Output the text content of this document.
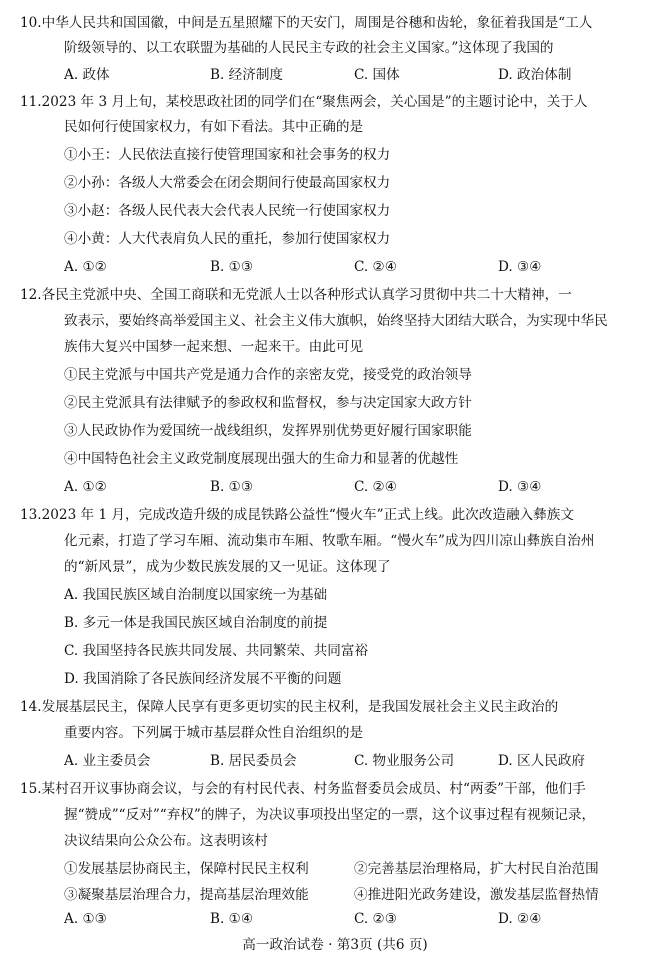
10.中华人民共和国国徽，中间是五星照耀下的天安门，周围是谷穗和齿轮，象征着我国是“工人
阶级领导的、以工农联盟为基础的人民民主专政的社会主义国家。”这体现了我国的
A. 政体	B. 经济制度	C. 国体	D. 政治体制
11.2023 年 3 月上旬，某校思政社团的同学们在“聚焦两会，关心国是”的主题讨论中，关于人
民如何行使国家权力，有如下看法。其中正确的是
①小王：人民依法直接行使管理国家和社会事务的权力
②小孙：各级人大常委会在闭会期间行使最高国家权力
③小赵：各级人民代表大会代表人民统一行使国家权力
④小黄：人大代表肩负人民的重托，参加行使国家权力
A. ①②	B. ①③	C. ②④	D. ③④
12.各民主党派中央、全国工商联和无党派人士以各种形式认真学习贯彻中共二十大精神，一
致表示，要始终高举爱国主义、社会主义伟大旗帜，始终坚持大团结大联合，为实现中华民
族伟大复兴中国梦一起来想、一起来干。由此可见
①民主党派与中国共产党是通力合作的亲密友党，接受党的政治领导
②民主党派具有法律赋予的参政权和监督权，参与决定国家大政方针
③人民政协作为爱国统一战线组织，发挥界别优势更好履行国家职能
④中国特色社会主义政党制度展现出强大的生命力和显著的优越性
A. ①②	B. ①③	C. ②④	D. ③④
13.2023 年 1 月，完成改造升级的成昆铁路公益性“慢火车”正式上线。此次改造融入彝族文
化元素，打造了学习车厢、流动集市车厢、牧歌车厢。“慢火车”成为四川凉山彝族自治州
的“新风景”，成为少数民族发展的又一见证。这体现了
A. 我国民族区域自治制度以国家统一为基础
B. 多元一体是我国民族区域自治制度的前提
C. 我国坚持各民族共同发展、共同繁荣、共同富裕
D. 我国消除了各民族间经济发展不平衡的问题
14.发展基层民主，保障人民享有更多更切实的民主权利，是我国发展社会主义民主政治的
重要内容。下列属于城市基层群众性自治组织的是
A. 业主委员会	B. 居民委员会	C. 物业服务公司	D. 区人民政府
15.某村召开议事协商会议，与会的有村民代表、村务监督委员会成员、村“两委”干部，他们手
握“赞成”“反对”“弃权”的牌子，为决议事项投出坚定的一票，这个议事过程有视频记录，
决议结果向公众公布。这表明该村
①发展基层协商民主，保障村民民主权利	②完善基层治理格局，扩大村民自治范围
③凝聚基层治理合力，提高基层治理效能	④推进阳光政务建设，激发基层监督热情
A. ①③	B. ①④	C. ②③	D. ②④
高一政治试卷 · 第3页 (共6 页)
